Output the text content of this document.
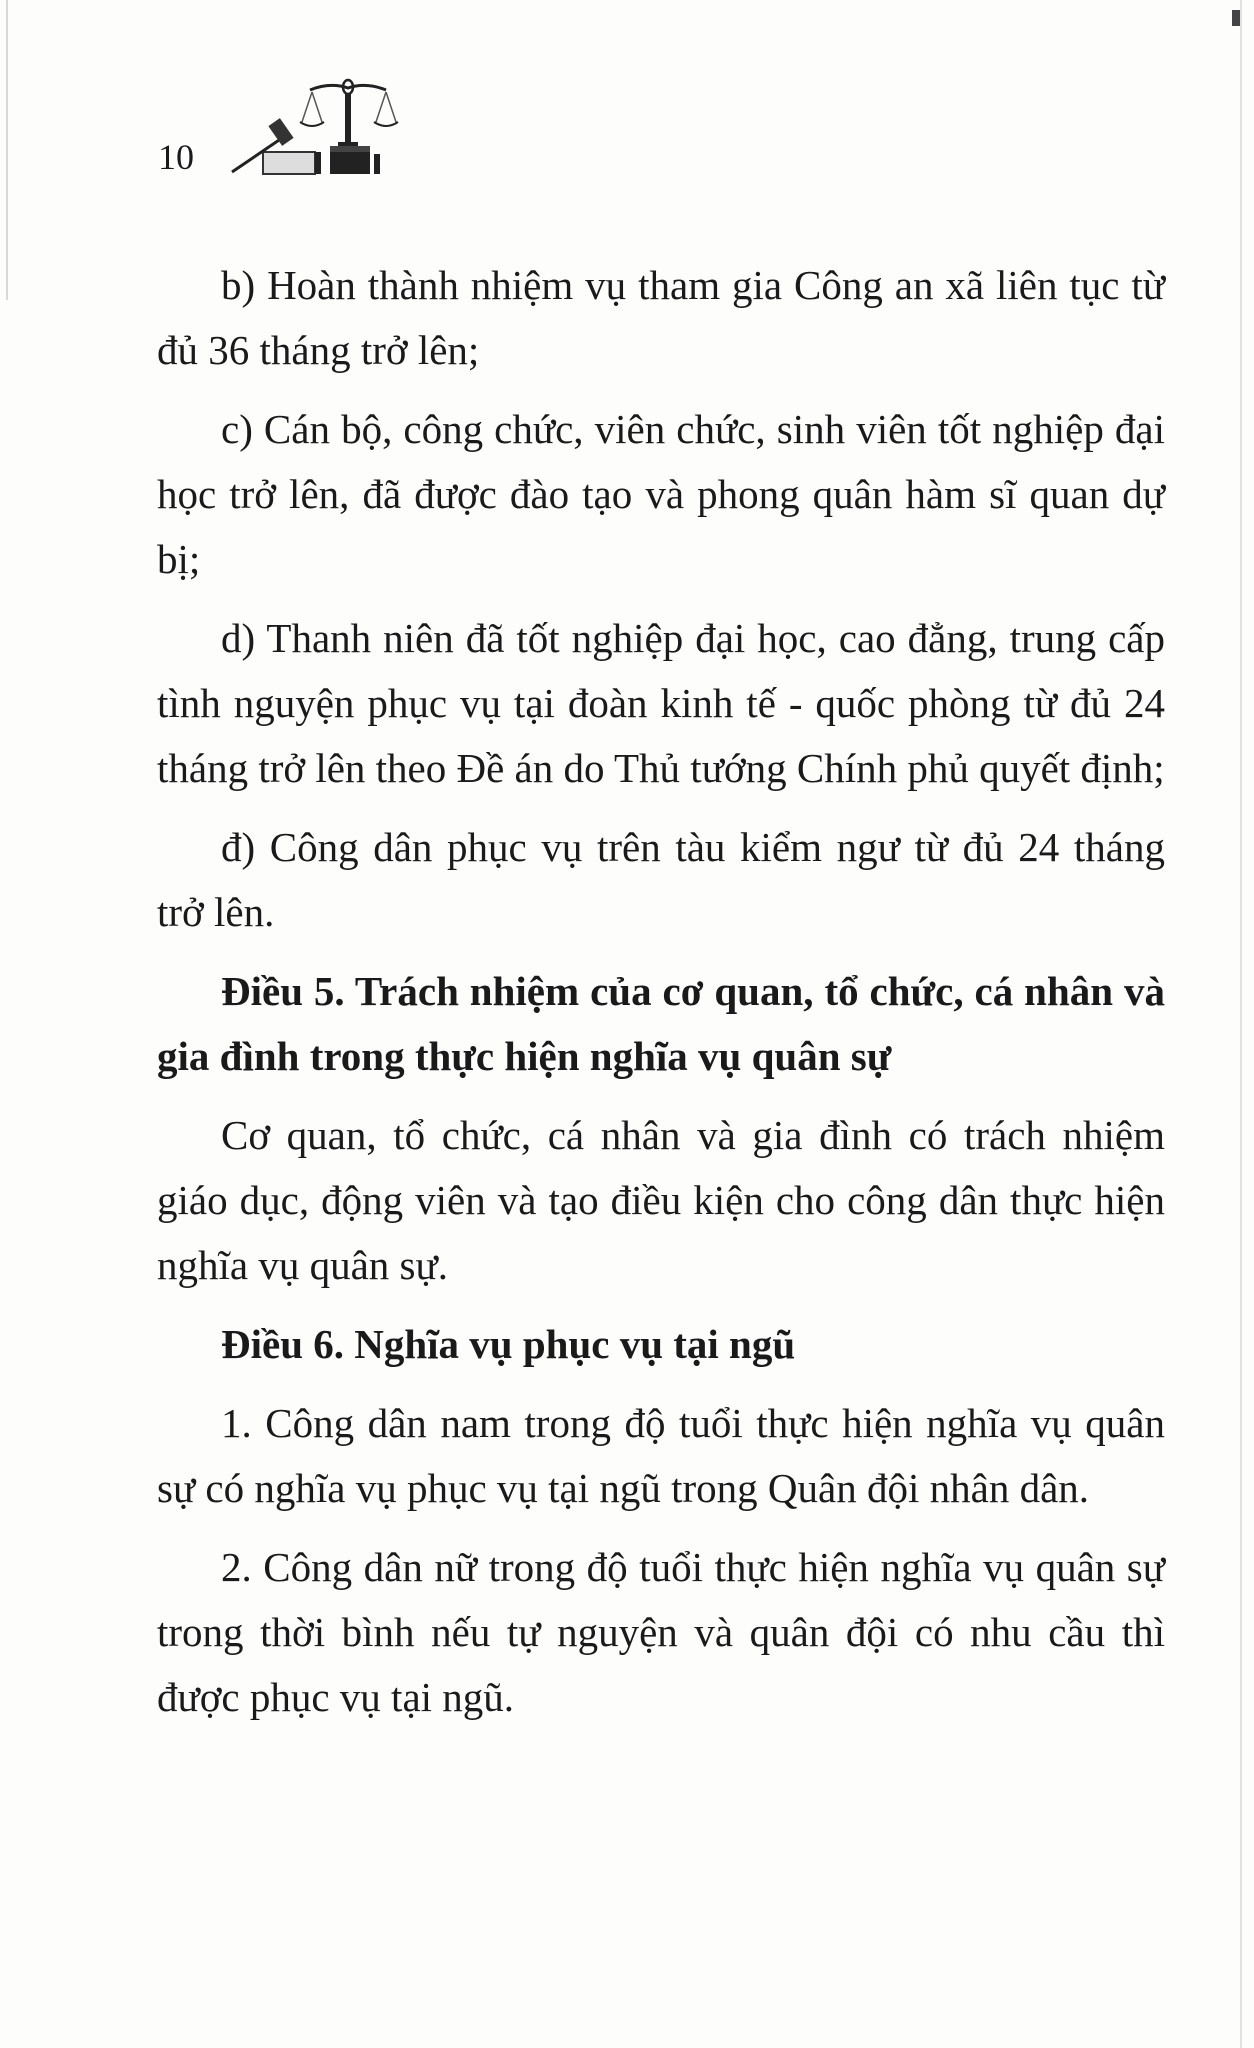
10

b) Hoàn thành nhiệm vụ tham gia Công an xã liên tục từ đủ 36 tháng trở lên;

c) Cán bộ, công chức, viên chức, sinh viên tốt nghiệp đại học trở lên, đã được đào tạo và phong quân hàm sĩ quan dự bị;

d) Thanh niên đã tốt nghiệp đại học, cao đẳng, trung cấp tình nguyện phục vụ tại đoàn kinh tế - quốc phòng từ đủ 24 tháng trở lên theo Đề án do Thủ tướng Chính phủ quyết định;

đ) Công dân phục vụ trên tàu kiểm ngư từ đủ 24 tháng trở lên.

Điều 5. Trách nhiệm của cơ quan, tổ chức, cá nhân và gia đình trong thực hiện nghĩa vụ quân sự

Cơ quan, tổ chức, cá nhân và gia đình có trách nhiệm giáo dục, động viên và tạo điều kiện cho công dân thực hiện nghĩa vụ quân sự.

Điều 6. Nghĩa vụ phục vụ tại ngũ

1. Công dân nam trong độ tuổi thực hiện nghĩa vụ quân sự có nghĩa vụ phục vụ tại ngũ trong Quân đội nhân dân.

2. Công dân nữ trong độ tuổi thực hiện nghĩa vụ quân sự trong thời bình nếu tự nguyện và quân đội có nhu cầu thì được phục vụ tại ngũ.
